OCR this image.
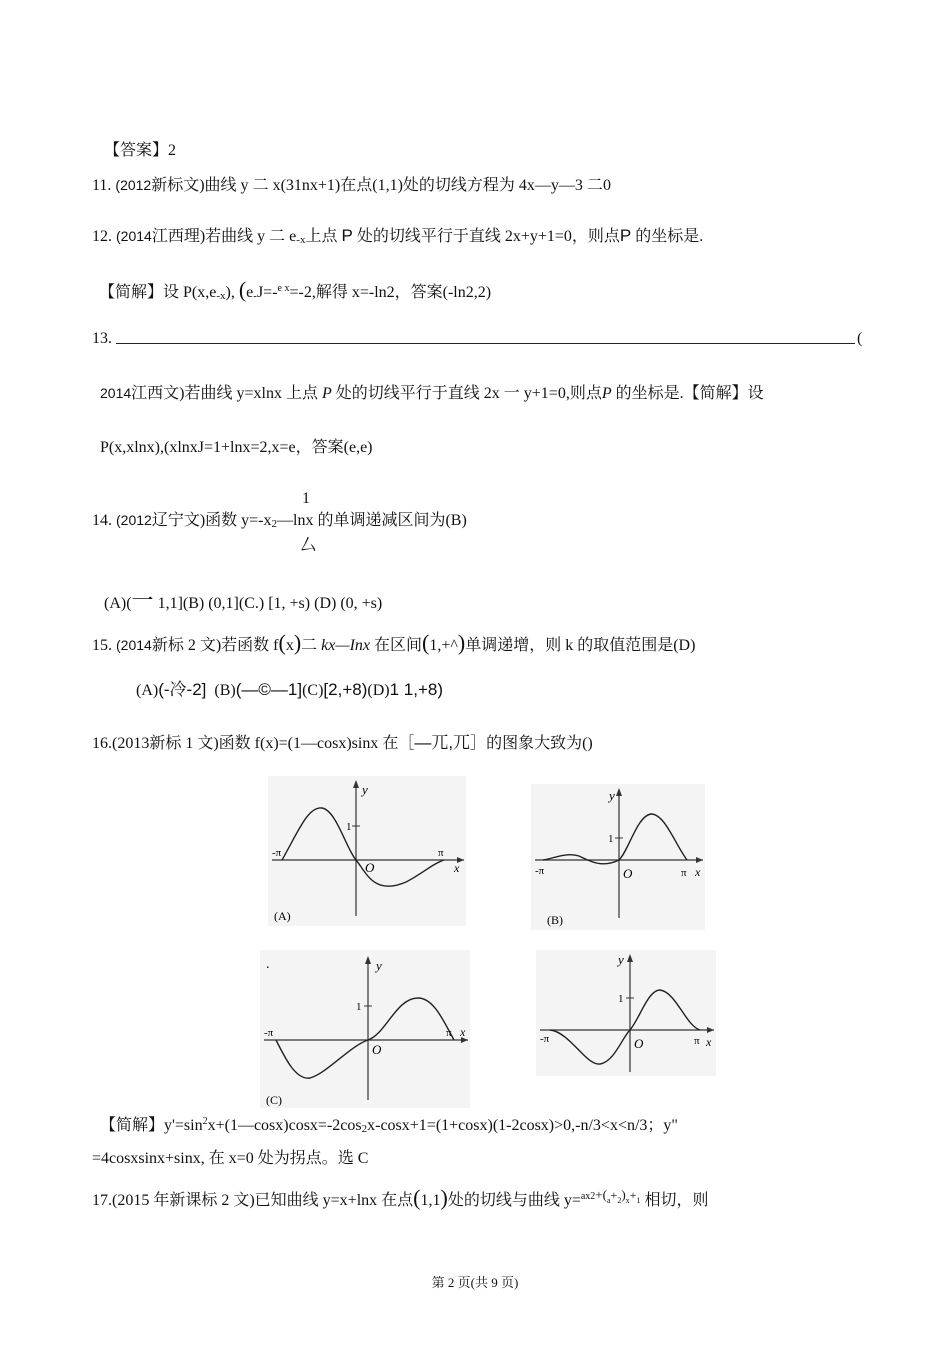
【答案】2
11. (2012新标文)曲线 y 二 x(31nx+1)在点(1,1)处的切线方程为 4x—y—3 二0
12. (2014江西理)若曲线 y 二 e-x上点 P 处的切线平行于直线 2x+y+1=0，则点P 的坐标是.
【简解】设 P(x,e-x), (e-J=-$^{e x}$=-2,解得 x=-ln2，答案(-ln2,2)
13.	(
2014江西文)若曲线 y=xlnx 上点 P 处的切线平行于直线 2x 一 y+1=0,则点P 的坐标是.【简解】设
P(x,xlnx),(xlnxJ=1+lnx=2,x=e，答案(e,e)
1
14. (2012辽宁文)函数 y=-x2—lnx 的单调递减区间为(B)
厶
(A)(一 1,1](B) (0,1](C.) [1, +s) (D) (0, +s)
15. (2014新标 2 文)若函数 f(x)二 kx—Inx 在区间(1,+^)单调递增，则 k 的取值范围是(D)
(A)(-冷-2] (B)(—©—1](C)[2,+8)(D)1 1,+8)
16.(2013新标 1 文)函数 f(x)=(1—cosx)sinx 在［—兀,兀］的图象大致为()
y
1
O	x
-π	π
(A)
y
1
O	x
-π	π
(B)
.	y
1
O
x
-π	π
(C)
y
1
O	x
-π	π
【简解】$y'=\sin^2x+(1—\cos x)\cos x=-2\cos 2x-\cos x+1=(1+\cos x)(1-2\cos x)>0,-n/3<x<n/3$；y"
=4cosxsinx+sinx, 在 x=0 处为拐点。选 C
17.(2015 年新课标 2 文)已知曲线 y=x+lnx 在点(1,1)处的切线与曲线 y=$^{ax2+(a+2)x+1}$ 相切，则
第 2 页(共 9 页)
